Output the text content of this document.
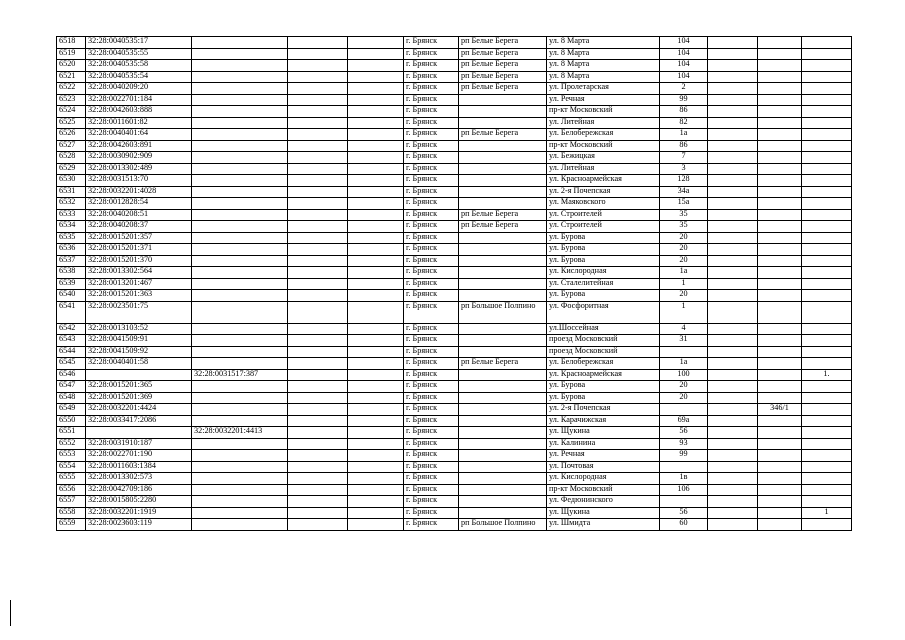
6518	32:28:0040535:17				г. Брянск	рп Белые Берега	ул. 8 Марта	104			
6519	32:28:0040535:55				г. Брянск	рп Белые Берега	ул. 8 Марта	104			
6520	32:28:0040535:58				г. Брянск	рп Белые Берега	ул. 8 Марта	104			
6521	32:28:0040535:54				г. Брянск	рп Белые Берега	ул. 8 Марта	104			
6522	32:28:0040209:20				г. Брянск	рп Белые Берега	ул. Пролетарская	2			
6523	32:28:0022701:184				г. Брянск		ул. Речная	99			
6524	32:28:0042603:888				г. Брянск		пр-кт Московский	86			
6525	32:28:0011601:82				г. Брянск		ул. Литейная	82			
6526	32:28:0040401:64				г. Брянск	рп Белые Берега	ул. Белобережская	1а			
6527	32:28:0042603:891				г. Брянск		пр-кт Московский	86			
6528	32:28:0030902:909				г. Брянск		ул. Бежицкая	7			
6529	32:28:0013302:489				г. Брянск		ул. Литейная	3			
6530	32:28:0031513:70				г. Брянск		ул. Красноармейская	128			
6531	32:28:0032201:4028				г. Брянск		ул. 2-я Почепская	34а			
6532	32:28:0012828:54				г. Брянск		ул. Маяковского	15а			
6533	32:28:0040208:51				г. Брянск	рп Белые Берега	ул. Строителей	35			
6534	32:28:0040208:37				г. Брянск	рп Белые Берега	ул. Строителей	35			
6535	32:28:0015201:357				г. Брянск		ул. Бурова	20			
6536	32:28:0015201:371				г. Брянск		ул. Бурова	20			
6537	32:28:0015201:370				г. Брянск		ул. Бурова	20			
6538	32:28:0013302:564				г. Брянск		ул. Кислородная	1а			
6539	32:28:0013201:467				г. Брянск		ул. Сталелитейная	1			
6540	32:28:0015201:363				г. Брянск		ул. Бурова	20			
6541	32:28:0023501:75				г. Брянск	рп Большое Полпино	ул. Фосфоритная	1			
6542	32:28:0013103:52				г. Брянск		ул.Шоссейная	4			
6543	32:28:0041509:91				г. Брянск		проезд Московский	31			
6544	32:28:0041509:92				г. Брянск		проезд Московский				
6545	32:28:0040401:58				г. Брянск	рп Белые Берега	ул. Белобережская	1а			
6546		32:28:0031517:387			г. Брянск		ул. Красноармейская	100			1.
6547	32:28:0015201:365				г. Брянск		ул. Бурова	20			
6548	32:28:0015201:369				г. Брянск		ул. Бурова	20			
6549	32:28:0032201:4424				г. Брянск		ул. 2-я Почепская			346/1	
6550	32:28:0033417:2086				г. Брянск		ул. Карачижская	69а			
6551		32:28:0032201:4413			г. Брянск		ул. Щукина	56			
6552	32:28:0031910:187				г. Брянск		ул. Калинина	93			
6553	32:28:0022701:190				г. Брянск		ул. Речная	99			
6554	32:28:0011603:1384				г. Брянск		ул. Почтовая				
6555	32:28:0013302:573				г. Брянск		ул. Кислородная	1в			
6556	32:28:0042709:186				г. Брянск		пр-кт Московский	106			
6557	32:28:0015805:2280				г. Брянск		ул. Федюнинского				
6558	32:28:0032201:1919				г. Брянск		ул. Щукина	56			1
6559	32:28:0023603:119				г. Брянск	рп Большое Полпино	ул. Шмидта	60			
